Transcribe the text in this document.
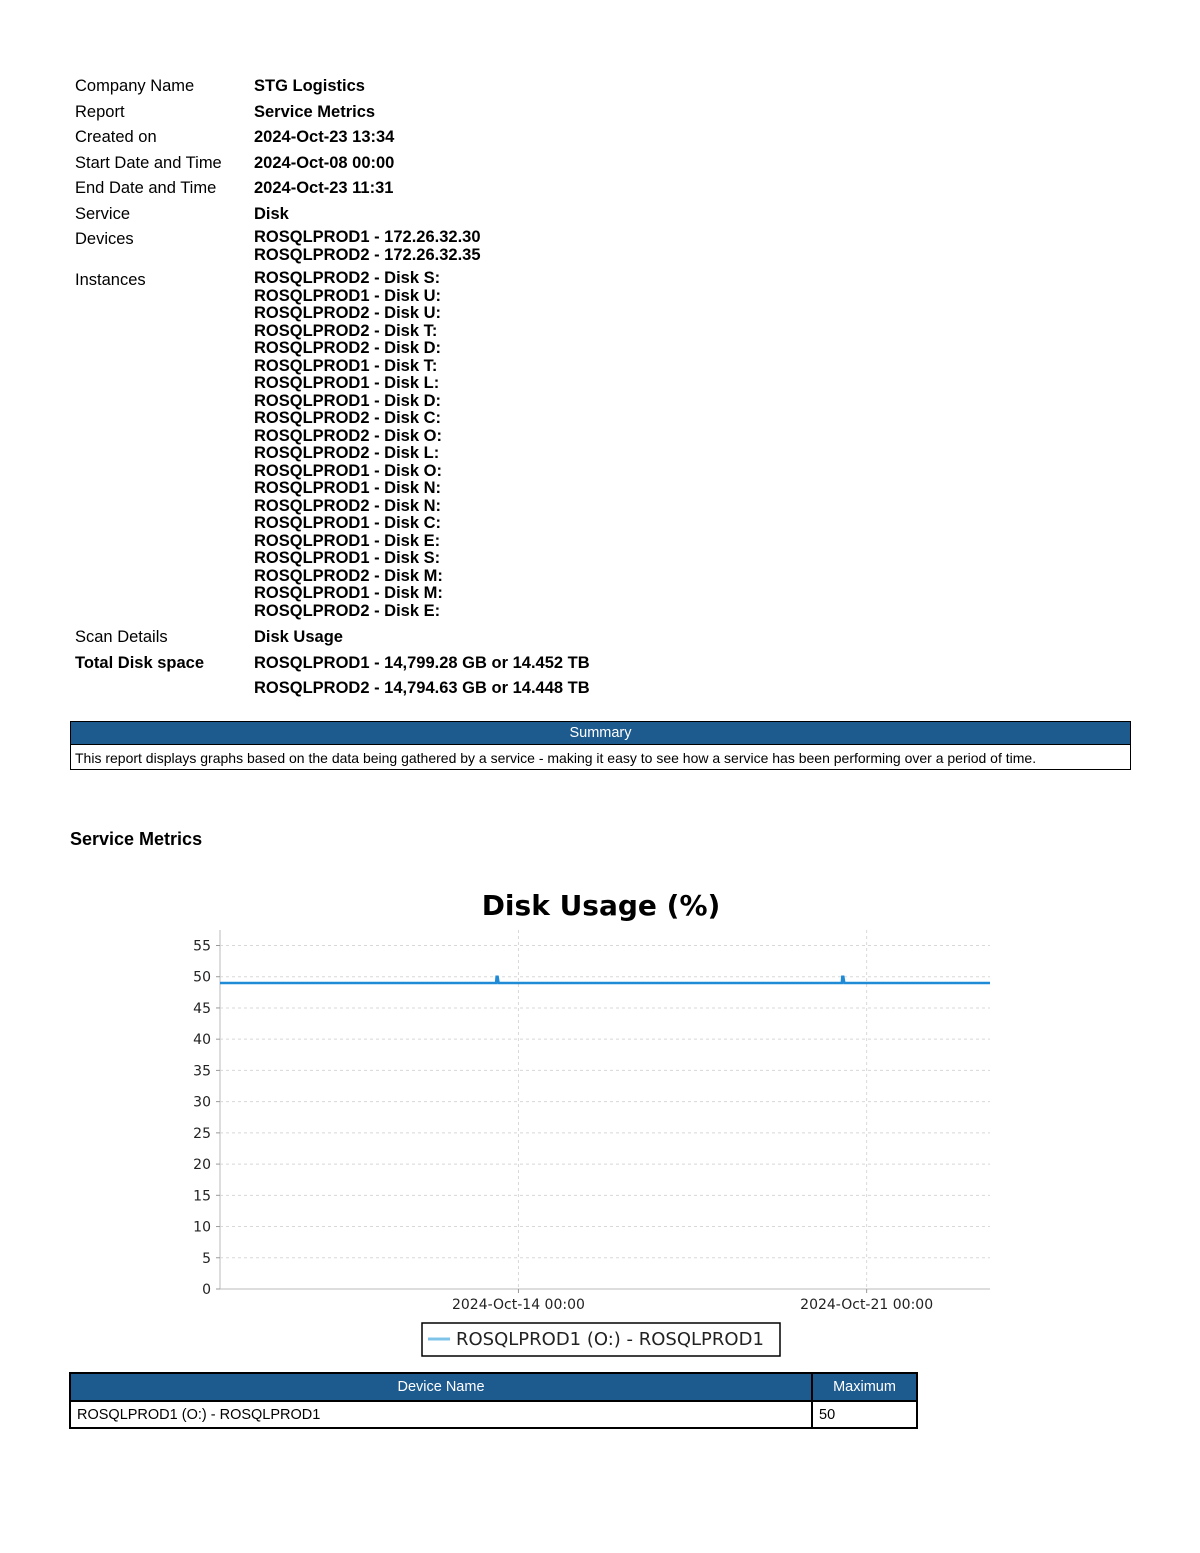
Company Name	STG Logistics
Report	Service Metrics
Created on	2024-Oct-23 13:34
Start Date and Time	2024-Oct-08 00:00
End Date and Time	2024-Oct-23 11:31
Service	Disk
Devices	ROSQLPROD1 - 172.26.32.30
ROSQLPROD2 - 172.26.32.35
Instances	ROSQLPROD2 - Disk S:
ROSQLPROD1 - Disk U:
ROSQLPROD2 - Disk U:
ROSQLPROD2 - Disk T:
ROSQLPROD2 - Disk D:
ROSQLPROD1 - Disk T:
ROSQLPROD1 - Disk L:
ROSQLPROD1 - Disk D:
ROSQLPROD2 - Disk C:
ROSQLPROD2 - Disk O:
ROSQLPROD2 - Disk L:
ROSQLPROD1 - Disk O:
ROSQLPROD1 - Disk N:
ROSQLPROD2 - Disk N:
ROSQLPROD1 - Disk C:
ROSQLPROD1 - Disk E:
ROSQLPROD1 - Disk S:
ROSQLPROD2 - Disk M:
ROSQLPROD1 - Disk M:
ROSQLPROD2 - Disk E:
Scan Details	Disk Usage
Total Disk space	ROSQLPROD1 - 14,799.28 GB or 14.452 TB
ROSQLPROD2 - 14,794.63 GB or 14.448 TB
Summary
This report displays graphs based on the data being gathered by a service - making it easy to see how a service has been performing over a period of time.
Service Metrics
Disk Usage (%)
0
5
10
15
20
25
30
35
40
45
50
55
2024-Oct-14 00:00	2024-Oct-21 00:00
ROSQLPROD1 (O:) - ROSQLPROD1
Device Name	Maximum
ROSQLPROD1 (O:) - ROSQLPROD1	50
